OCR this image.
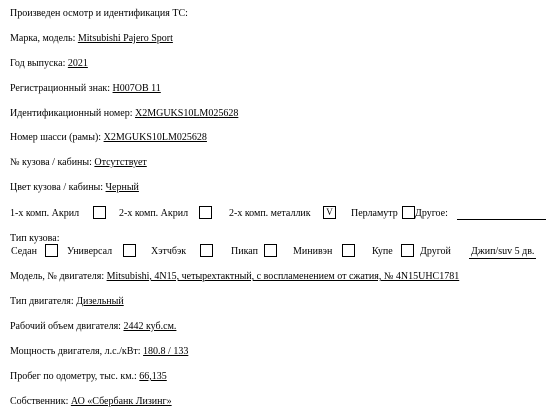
Произведен осмотр и идентификация ТС:
Марка, модель: Mitsubishi Pajero Sport
Год выпуска: 2021
Регистрационный знак: Н007ОВ 11
Идентификационный номер: X2MGUKS10LM025628
Номер шасси (рамы): X2MGUKS10LM025628
№ кузова / кабины: Отсутствует
Цвет кузова / кабины: Черный
1-х комп. Акрил	2-х комп. Акрил	2-х комп. металлик	V	Перламутр Другое:
Тип кузова:
Седан	Универсал	Хэтчбэк	Пикап	Минивэн	Купе	Другой Джип/suv 5 дв.
Модель, № двигателя: Mitsubishi, 4N15, четырехтактный, с воспламенением от сжатия, № 4N15UHC1781
Тип двигателя: Дизельный
Рабочий объем двигателя: 2442 куб.см.
Мощность двигателя, л.с./кВт: 180.8 / 133
Пробег по одометру, тыс. км.: 66,135
Собственник: АО «Сбербанк Лизинг»
